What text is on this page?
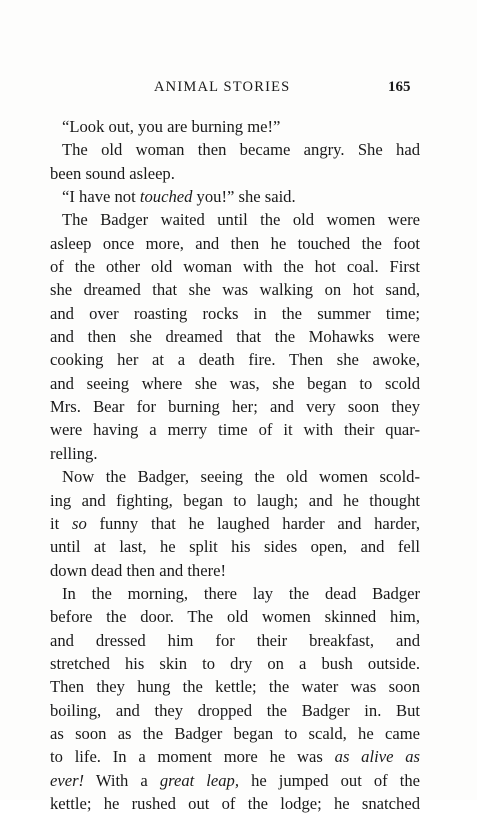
ANIMAL STORIES	165
“Look out, you are burning me!”
The old woman then became angry. She had
been sound asleep.
“I have not touched you!” she said.
The Badger waited until the old women were
asleep once more, and then he touched the foot
of the other old woman with the hot coal. First
she dreamed that she was walking on hot sand,
and over roasting rocks in the summer time;
and then she dreamed that the Mohawks were
cooking her at a death fire. Then she awoke,
and seeing where she was, she began to scold
Mrs. Bear for burning her; and very soon they
were having a merry time of it with their quar-
relling.
Now the Badger, seeing the old women scold-
ing and fighting, began to laugh; and he thought
it so funny that he laughed harder and harder,
until at last, he split his sides open, and fell
down dead then and there!
In the morning, there lay the dead Badger
before the door. The old women skinned him,
and dressed him for their breakfast, and
stretched his skin to dry on a bush outside.
Then they hung the kettle; the water was soon
boiling, and they dropped the Badger in. But
as soon as the Badger began to scald, he came
to life. In a moment more he was as alive as
ever! With a great leap, he jumped out of the
kettle; he rushed out of the lodge; he snatched
